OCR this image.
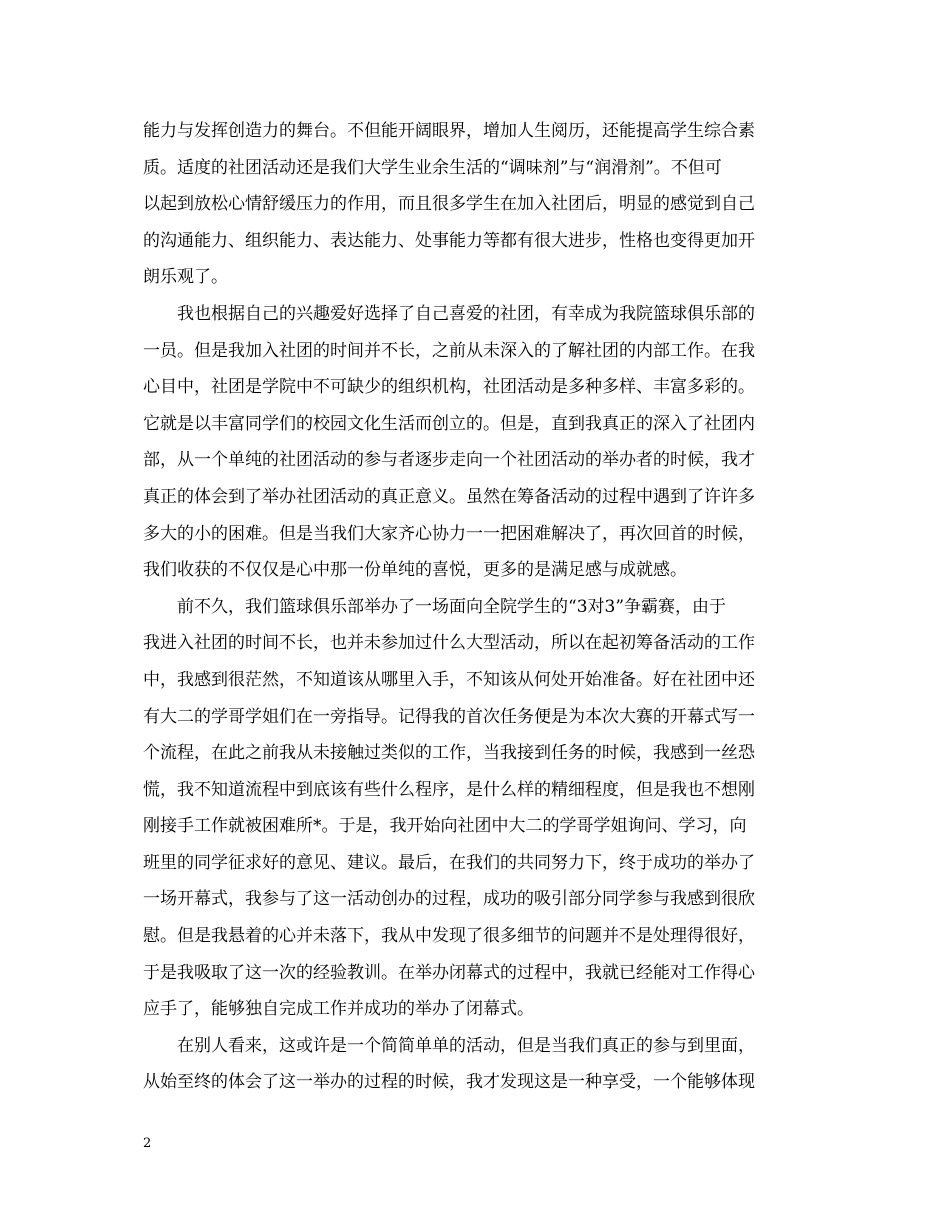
能力与发挥创造力的舞台。不但能开阔眼界，增加人生阅历，还能提高学生综合素
质。适度的社团活动还是我们大学生业余生活的“调味剂”与“润滑剂”。不但可
以起到放松心情舒缓压力的作用，而且很多学生在加入社团后，明显的感觉到自己
的沟通能力、组织能力、表达能力、处事能力等都有很大进步，性格也变得更加开
朗乐观了。
　　我也根据自己的兴趣爱好选择了自己喜爱的社团，有幸成为我院篮球俱乐部的
一员。但是我加入社团的时间并不长，之前从未深入的了解社团的内部工作。在我
心目中，社团是学院中不可缺少的组织机构，社团活动是多种多样、丰富多彩的。
它就是以丰富同学们的校园文化生活而创立的。但是，直到我真正的深入了社团内
部，从一个单纯的社团活动的参与者逐步走向一个社团活动的举办者的时候，我才
真正的体会到了举办社团活动的真正意义。虽然在筹备活动的过程中遇到了许许多
多大的小的困难。但是当我们大家齐心协力一一把困难解决了，再次回首的时候，
我们收获的不仅仅是心中那一份单纯的喜悦，更多的是满足感与成就感。
　　前不久，我们篮球俱乐部举办了一场面向全院学生的“3对3”争霸赛，由于
我进入社团的时间不长，也并未参加过什么大型活动，所以在起初筹备活动的工作
中，我感到很茫然，不知道该从哪里入手，不知该从何处开始准备。好在社团中还
有大二的学哥学姐们在一旁指导。记得我的首次任务便是为本次大赛的开幕式写一
个流程，在此之前我从未接触过类似的工作，当我接到任务的时候，我感到一丝恐
慌，我不知道流程中到底该有些什么程序，是什么样的精细程度，但是我也不想刚
刚接手工作就被困难所*。于是，我开始向社团中大二的学哥学姐询问、学习，向
班里的同学征求好的意见、建议。最后，在我们的共同努力下，终于成功的举办了
一场开幕式，我参与了这一活动创办的过程，成功的吸引部分同学参与我感到很欣
慰。但是我悬着的心并未落下，我从中发现了很多细节的问题并不是处理得很好，
于是我吸取了这一次的经验教训。在举办闭幕式的过程中，我就已经能对工作得心
应手了，能够独自完成工作并成功的举办了闭幕式。
　　在别人看来，这或许是一个简简单单的活动，但是当我们真正的参与到里面，
从始至终的体会了这一举办的过程的时候，我才发现这是一种享受，一个能够体现
2
